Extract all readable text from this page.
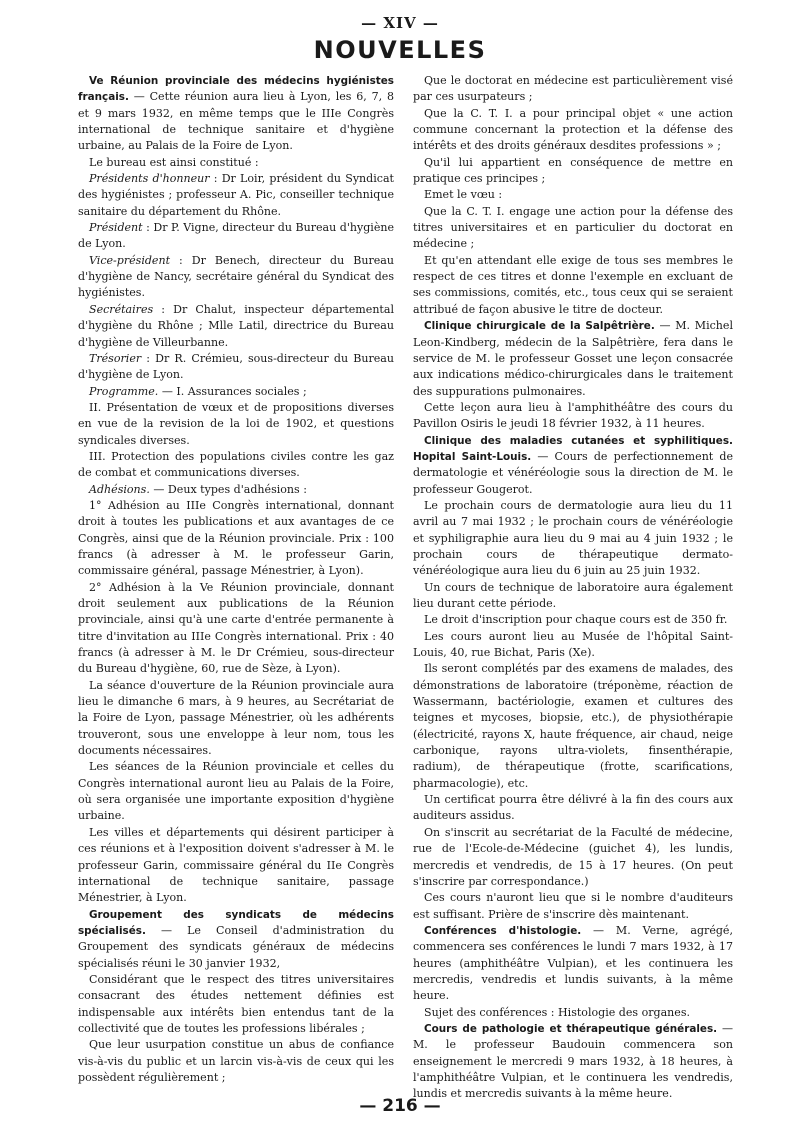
— XIV —
NOUVELLES

Ve Réunion provinciale des médecins hygiénistes français. — Cette réunion aura lieu à Lyon, les 6, 7, 8 et 9 mars 1932, en même temps que le IIIe Congrès international de technique sanitaire et d'hygiène urbaine, au Palais de la Foire de Lyon.

Le bureau est ainsi constitué :

Présidents d'honneur : Dr Loir, président du Syndicat des hygiénistes ; professeur A. Pic, conseiller technique sanitaire du département du Rhône.

Président : Dr P. Vigne, directeur du Bureau d'hygiène de Lyon.

Vice-président : Dr Benech, directeur du Bureau d'hygiène de Nancy, secrétaire général du Syndicat des hygiénistes.

Secrétaires : Dr Chalut, inspecteur départemental d'hygiène du Rhône ; Mlle Latil, directrice du Bureau d'hygiène de Villeurbanne.

Trésorier : Dr R. Crémieu, sous-directeur du Bureau d'hygiène de Lyon.

Programme. — I. Assurances sociales ;

II. Présentation de vœux et de propositions diverses en vue de la revision de la loi de 1902, et questions syndicales diverses.

III. Protection des populations civiles contre les gaz de combat et communications diverses.

Adhésions. — Deux types d'adhésions :

1° Adhésion au IIIe Congrès international, donnant droit à toutes les publications et aux avantages de ce Congrès, ainsi que de la Réunion provinciale. Prix : 100 francs (à adresser à M. le professeur Garin, commissaire général, passage Ménestrier, à Lyon).

2° Adhésion à la Ve Réunion provinciale, donnant droit seulement aux publications de la Réunion provinciale, ainsi qu'à une carte d'entrée permanente à titre d'invitation au IIIe Congrès international. Prix : 40 francs (à adresser à M. le Dr Crémieu, sous-directeur du Bureau d'hygiène, 60, rue de Sèze, à Lyon).

La séance d'ouverture de la Réunion provinciale aura lieu le dimanche 6 mars, à 9 heures, au Secrétariat de la Foire de Lyon, passage Ménestrier, où les adhérents trouveront, sous une enveloppe à leur nom, tous les documents nécessaires.

Les séances de la Réunion provinciale et celles du Congrès international auront lieu au Palais de la Foire, où sera organisée une importante exposition d'hygiène urbaine.

Les villes et départements qui désirent participer à ces réunions et à l'exposition doivent s'adresser à M. le professeur Garin, commissaire général du IIe Congrès international de technique sanitaire, passage Ménestrier, à Lyon.

Groupement des syndicats de médecins spécialisés. — Le Conseil d'administration du Groupement des syndicats généraux de médecins spécialisés réuni le 30 janvier 1932,

Considérant que le respect des titres universitaires consacrant des études nettement définies est indispensable aux intérêts bien entendus tant de la collectivité que de toutes les professions libérales ;

Que leur usurpation constitue un abus de confiance vis-à-vis du public et un larcin vis-à-vis de ceux qui les possèdent régulièrement ;

Que le doctorat en médecine est particulièrement visé par ces usurpateurs ;

Que la C. T. I. a pour principal objet « une action commune concernant la protection et la défense des intérêts et des droits généraux desdites professions » ;

Qu'il lui appartient en conséquence de mettre en pratique ces principes ;

Emet le vœu :

Que la C. T. I. engage une action pour la défense des titres universitaires et en particulier du doctorat en médecine ;

Et qu'en attendant elle exige de tous ses membres le respect de ces titres et donne l'exemple en excluant de ses commissions, comités, etc., tous ceux qui se seraient attribué de façon abusive le titre de docteur.

Clinique chirurgicale de la Salpêtrière. — M. Michel Leon-Kindberg, médecin de la Salpêtrière, fera dans le service de M. le professeur Gosset une leçon consacrée aux indications médico-chirurgicales dans le traitement des suppurations pulmonaires.

Cette leçon aura lieu à l'amphithéâtre des cours du Pavillon Osiris le jeudi 18 février 1932, à 11 heures.

Clinique des maladies cutanées et syphilitiques. Hopital Saint-Louis. — Cours de perfectionnement de dermatologie et vénéréologie sous la direction de M. le professeur Gougerot.

Le prochain cours de dermatologie aura lieu du 11 avril au 7 mai 1932 ; le prochain cours de vénéréologie et syphiligraphie aura lieu du 9 mai au 4 juin 1932 ; le prochain cours de thérapeutique dermato-vénéréologique aura lieu du 6 juin au 25 juin 1932.

Un cours de technique de laboratoire aura également lieu durant cette période.

Le droit d'inscription pour chaque cours est de 350 fr.

Les cours auront lieu au Musée de l'hôpital Saint-Louis, 40, rue Bichat, Paris (Xe).

Ils seront complétés par des examens de malades, des démonstrations de laboratoire (tréponème, réaction de Wassermann, bactériologie, examen et cultures des teignes et mycoses, biopsie, etc.), de physiothérapie (électricité, rayons X, haute fréquence, air chaud, neige carbonique, rayons ultra-violets, finsenthérapie, radium), de thérapeutique (frotte, scarifications, pharmacologie), etc.

Un certificat pourra être délivré à la fin des cours aux auditeurs assidus.

On s'inscrit au secrétariat de la Faculté de médecine, rue de l'Ecole-de-Médecine (guichet 4), les lundis, mercredis et vendredis, de 15 à 17 heures. (On peut s'inscrire par correspondance.)

Ces cours n'auront lieu que si le nombre d'auditeurs est suffisant. Prière de s'inscrire dès maintenant.

Conférences d'histologie. — M. Verne, agrégé, commencera ses conférences le lundi 7 mars 1932, à 17 heures (amphithéâtre Vulpian), et les continuera les mercredis, vendredis et lundis suivants, à la même heure.

Sujet des conférences : Histologie des organes.

Cours de pathologie et thérapeutique générales. — M. le professeur Baudouin commencera son enseignement le mercredi 9 mars 1932, à 18 heures, à l'amphithéâtre Vulpian, et le continuera les vendredis, lundis et mercredis suivants à la même heure.

— 216 —
